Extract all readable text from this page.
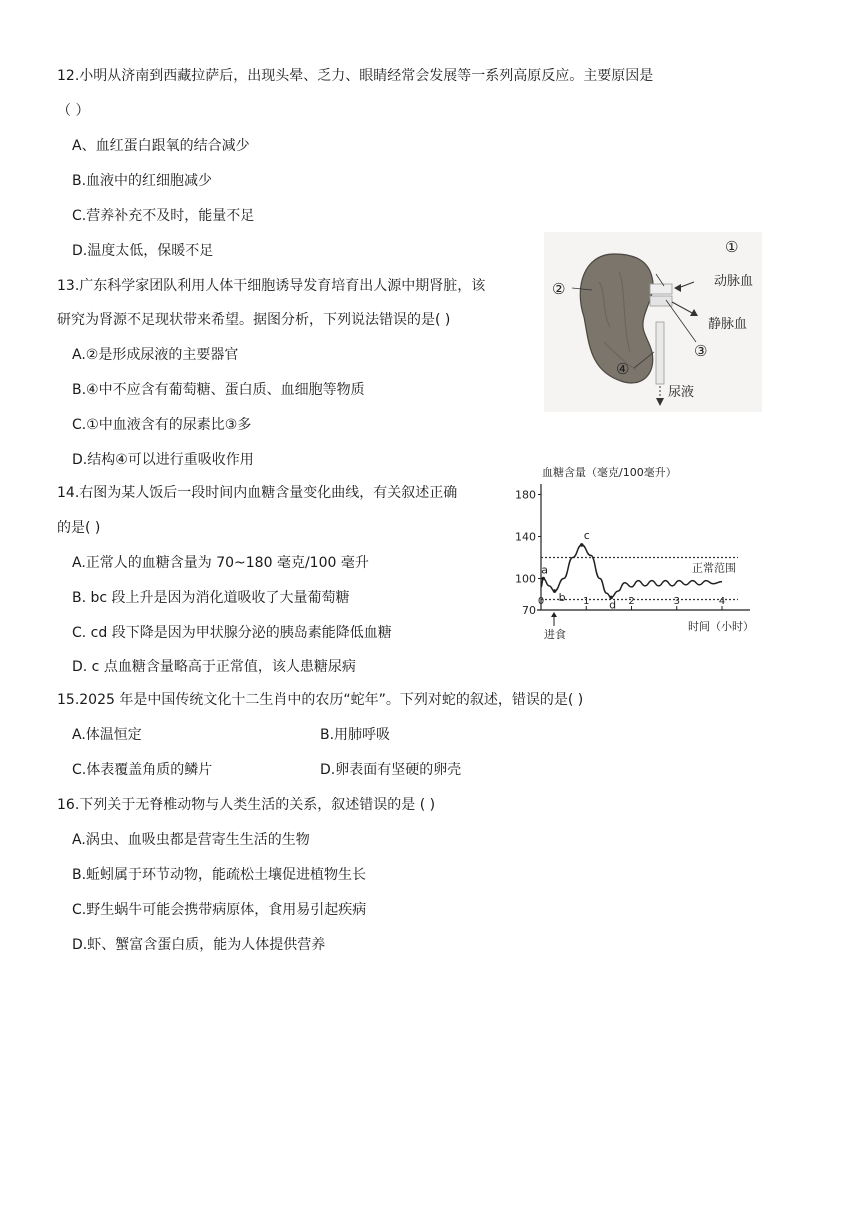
12.小明从济南到西藏拉萨后，出现头晕、乏力、眼睛经常会发展等一系列高原反应。主要原因是
（ ）
A、血红蛋白跟氧的结合减少
B.血液中的红细胞减少
C.营养补充不及时，能量不足
D.温度太低，保暖不足
13.广东科学家团队利用人体干细胞诱导发育培育出人源中期肾脏，该
研究为肾源不足现状带来希望。据图分析，下列说法错误的是( )
A.②是形成尿液的主要器官
B.④中不应含有葡萄糖、蛋白质、血细胞等物质
C.①中血液含有的尿素比③多
D.结构④可以进行重吸收作用
①
②
③
④
动脉血
静脉血
尿液
14.右图为某人饭后一段时间内血糖含量变化曲线，有关叙述正确
的是( )
A.正常人的血糖含量为 70~180 毫克/100 毫升
B. bc 段上升是因为消化道吸收了大量葡萄糖
C. cd 段下降是因为甲状腺分泌的胰岛素能降低血糖
D. c 点血糖含量略高于正常值，该人患糖尿病
血糖含量（毫克/100毫升）
70
100
140
180
0	1	2	3	4
正常范围
a
b
c
d
进食
时间（小时）
15.2025 年是中国传统文化十二生肖中的农历“蛇年”。下列对蛇的叙述，错误的是( )
A.体温恒定	B.用肺呼吸
C.体表覆盖角质的鳞片	D.卵表面有坚硬的卵壳
16.下列关于无脊椎动物与人类生活的关系，叙述错误的是 ( )
A.涡虫、血吸虫都是营寄生生活的生物
B.蚯蚓属于环节动物，能疏松土壤促进植物生长
C.野生蜗牛可能会携带病原体，食用易引起疾病
D.虾、蟹富含蛋白质，能为人体提供营养
